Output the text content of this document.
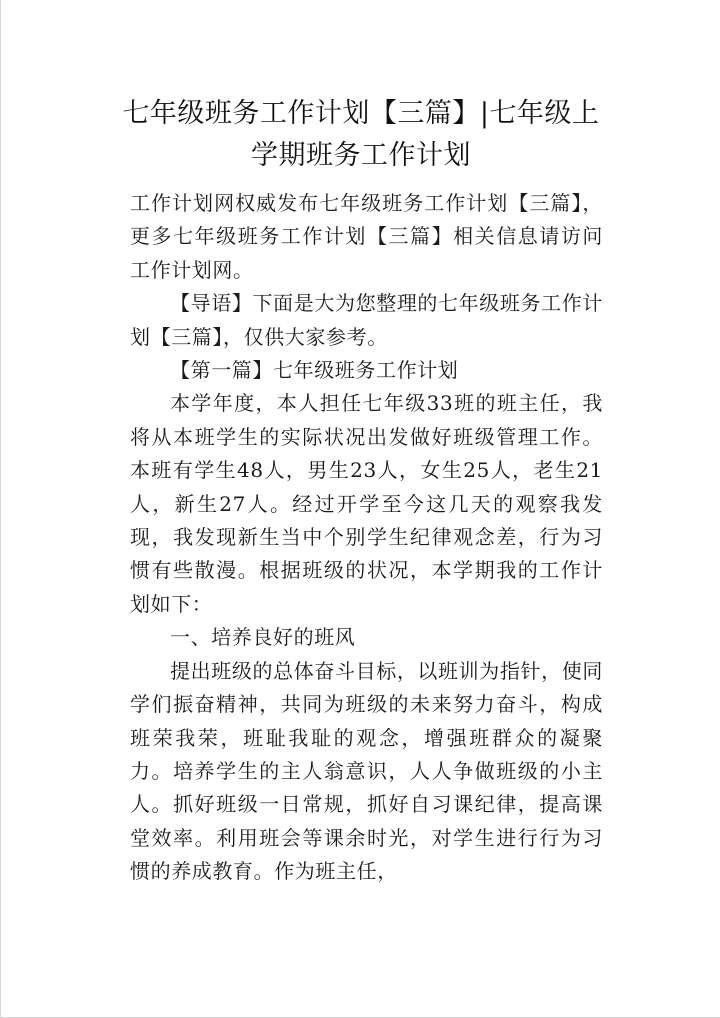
七年级班务工作计划【三篇】|七年级上
学期班务工作计划

工作计划网权威发布七年级班务工作计划【三篇】，更多七年级班务工作计划【三篇】相关信息请访问工作计划网。

【导语】下面是大为您整理的七年级班务工作计划【三篇】，仅供大家参考。

【第一篇】七年级班务工作计划

本学年度，本人担任七年级33班的班主任，我将从本班学生的实际状况出发做好班级管理工作。本班有学生48人，男生23人，女生25人，老生21人，新生27人。经过开学至今这几天的观察我发现，我发现新生当中个别学生纪律观念差，行为习惯有些散漫。根据班级的状况，本学期我的工作计划如下：

一、培养良好的班风

提出班级的总体奋斗目标，以班训为指针，使同学们振奋精神，共同为班级的未来努力奋斗，构成班荣我荣，班耻我耻的观念，增强班群众的凝聚力。培养学生的主人翁意识，人人争做班级的小主人。抓好班级一日常规，抓好自习课纪律，提高课堂效率。利用班会等课余时光，对学生进行行为习惯的养成教育。作为班主任，
